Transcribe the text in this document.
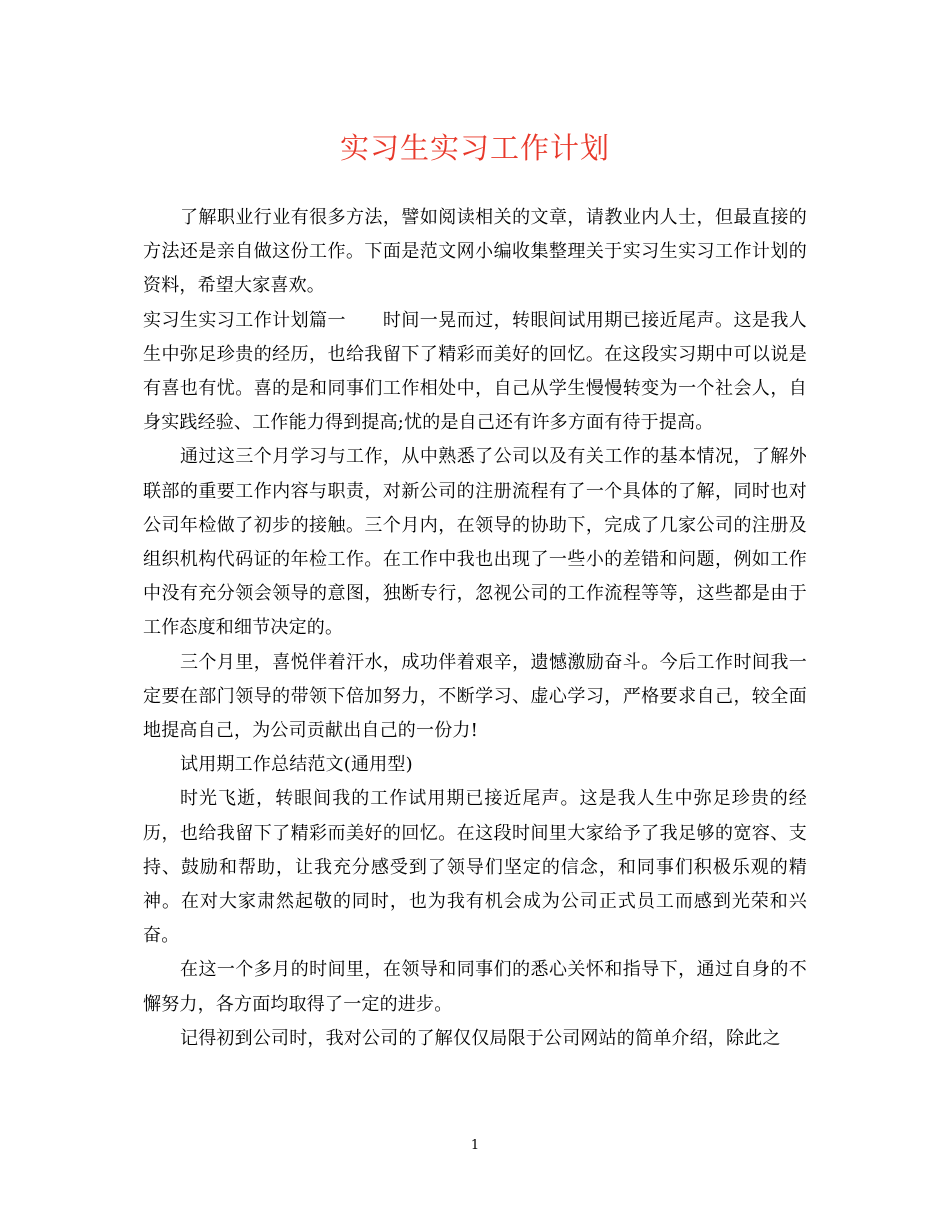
实习生实习工作计划

了解职业行业有很多方法，譬如阅读相关的文章，请教业内人士，但最直接的方法还是亲自做这份工作。下面是范文网小编收集整理关于实习生实习工作计划的资料，希望大家喜欢。

实习生实习工作计划篇一　　时间一晃而过，转眼间试用期已接近尾声。这是我人生中弥足珍贵的经历，也给我留下了精彩而美好的回忆。在这段实习期中可以说是有喜也有忧。喜的是和同事们工作相处中，自己从学生慢慢转变为一个社会人，自身实践经验、工作能力得到提高;忧的是自己还有许多方面有待于提高。

通过这三个月学习与工作，从中熟悉了公司以及有关工作的基本情况，了解外联部的重要工作内容与职责，对新公司的注册流程有了一个具体的了解，同时也对公司年检做了初步的接触。三个月内，在领导的协助下，完成了几家公司的注册及组织机构代码证的年检工作。在工作中我也出现了一些小的差错和问题，例如工作中没有充分领会领导的意图，独断专行，忽视公司的工作流程等等，这些都是由于工作态度和细节决定的。

三个月里，喜悦伴着汗水，成功伴着艰辛，遗憾激励奋斗。今后工作时间我一定要在部门领导的带领下倍加努力，不断学习、虚心学习，严格要求自己，较全面地提高自己，为公司贡献出自己的一份力!

试用期工作总结范文(通用型)

时光飞逝，转眼间我的工作试用期已接近尾声。这是我人生中弥足珍贵的经历，也给我留下了精彩而美好的回忆。在这段时间里大家给予了我足够的宽容、支持、鼓励和帮助，让我充分感受到了领导们坚定的信念，和同事们积极乐观的精神。在对大家肃然起敬的同时，也为我有机会成为公司正式员工而感到光荣和兴奋。

在这一个多月的时间里，在领导和同事们的悉心关怀和指导下，通过自身的不懈努力，各方面均取得了一定的进步。

记得初到公司时，我对公司的了解仅仅局限于公司网站的简单介绍，除此之

1
